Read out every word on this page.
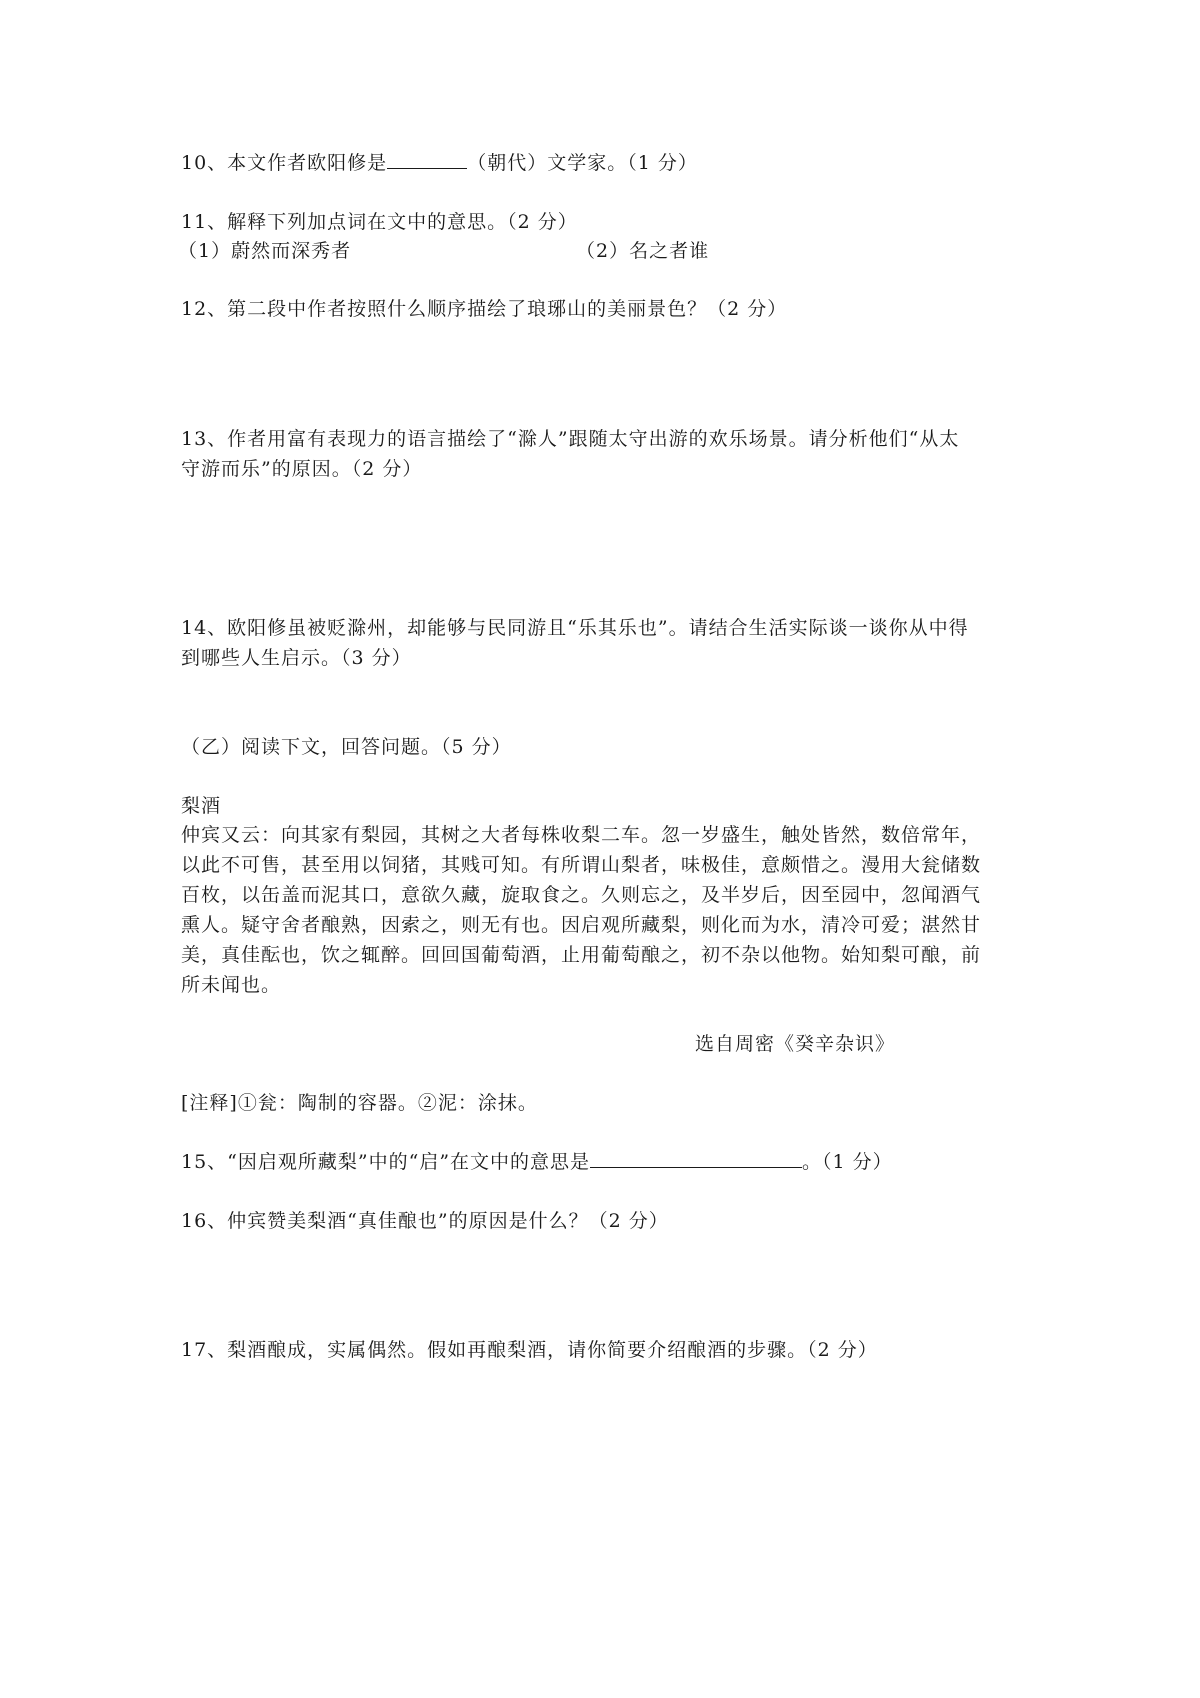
10、本文作者欧阳修是	（朝代）文学家。（1 分）
11、解释下列加点词在文中的意思。（2 分）
（1）蔚然而深秀者	（2）名之者谁
12、第二段中作者按照什么顺序描绘了琅琊山的美丽景色？（2 分）
13、作者用富有表现力的语言描绘了“滁人”跟随太守出游的欢乐场景。请分析他们“从太
守游而乐”的原因。（2 分）
14、欧阳修虽被贬滁州，却能够与民同游且“乐其乐也”。请结合生活实际谈一谈你从中得
到哪些人生启示。（3 分）
（乙）阅读下文，回答问题。（5 分）
梨酒
仲宾又云：向其家有梨园，其树之大者每株收梨二车。忽一岁盛生，触处皆然，数倍常年，
以此不可售，甚至用以饲猪，其贱可知。有所谓山梨者，味极佳，意颇惜之。漫用大瓮储数
百枚，以缶盖而泥其口，意欲久藏，旋取食之。久则忘之，及半岁后，因至园中，忽闻酒气
熏人。疑守舍者酿熟，因索之，则无有也。因启观所藏梨，则化而为水，清冷可爱；湛然甘
美，真佳酝也，饮之辄醉。回回国葡萄酒，止用葡萄酿之，初不杂以他物。始知梨可酿，前
所未闻也。
选自周密《癸辛杂识》
[注释]①瓮：陶制的容器。②泥：涂抹。
15、“因启观所藏梨”中的“启”在文中的意思是	。（1 分）
16、仲宾赞美梨酒“真佳酿也”的原因是什么？（2 分）
17、梨酒酿成，实属偶然。假如再酿梨酒，请你简要介绍酿酒的步骤。（2 分）
